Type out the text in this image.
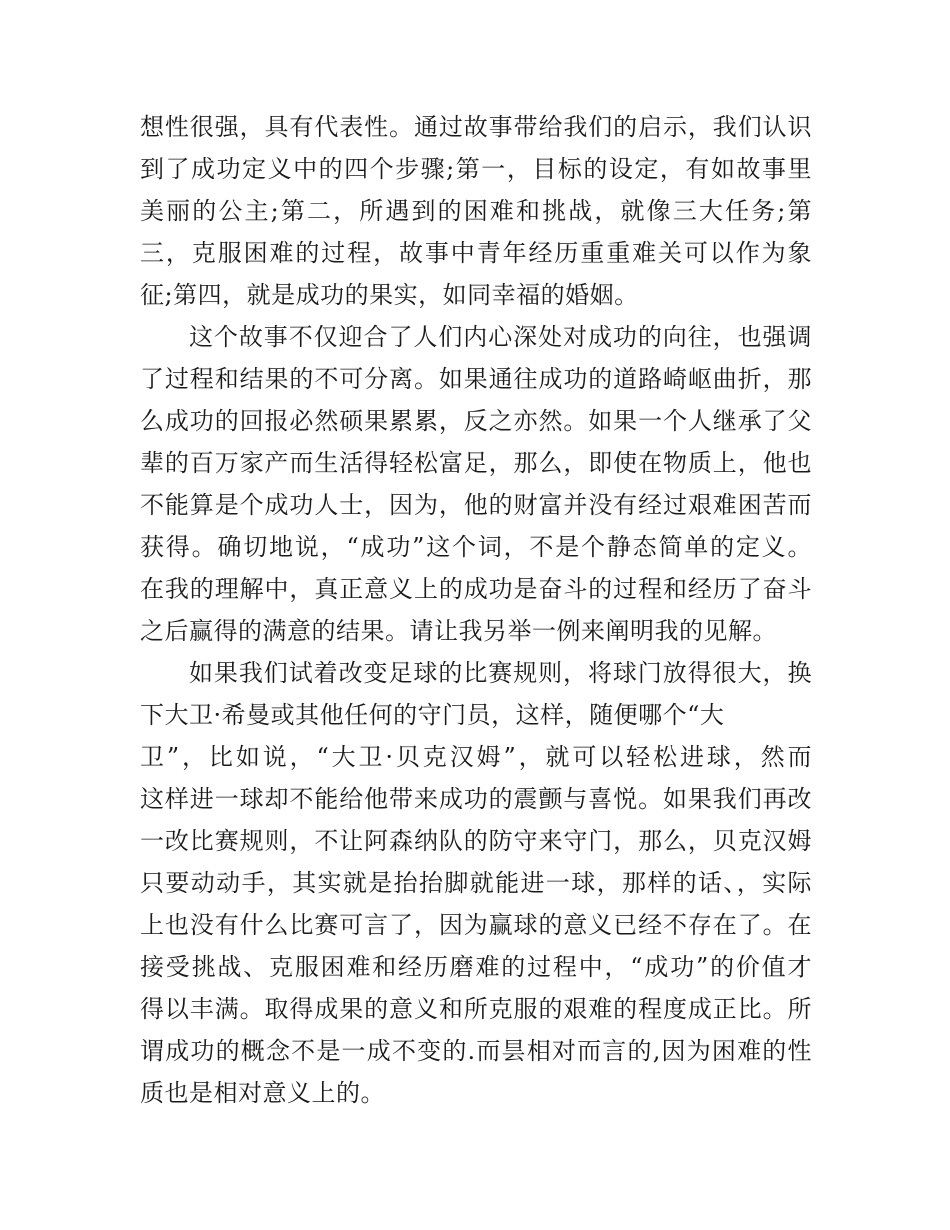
想性很强，具有代表性。通过故事带给我们的启示，我们认识
到了成功定义中的四个步骤;第一，目标的设定，有如故事里
美丽的公主;第二，所遇到的困难和挑战，就像三大任务;第
三，克服困难的过程，故事中青年经历重重难关可以作为象
征;第四，就是成功的果实，如同幸福的婚姻。
这个故事不仅迎合了人们内心深处对成功的向往，也强调
了过程和结果的不可分离。如果通往成功的道路崎岖曲折，那
么成功的回报必然硕果累累，反之亦然。如果一个人继承了父
辈的百万家产而生活得轻松富足，那么，即使在物质上，他也
不能算是个成功人士，因为，他的财富并没有经过艰难困苦而
获得。确切地说，“成功”这个词，不是个静态简单的定义。
在我的理解中，真正意义上的成功是奋斗的过程和经历了奋斗
之后赢得的满意的结果。请让我另举一例来阐明我的见解。
如果我们试着改变足球的比赛规则，将球门放得很大，换
下大卫·希曼或其他任何的守门员，这样，随便哪个“大
卫”，比如说，“大卫·贝克汉姆”，就可以轻松进球，然而
这样进一球却不能给他带来成功的震颤与喜悦。如果我们再改
一改比赛规则，不让阿森纳队的防守来守门，那么，贝克汉姆
只要动动手，其实就是抬抬脚就能进一球，那样的话、，实际
上也没有什么比赛可言了，因为赢球的意义已经不存在了。在
接受挑战、克服困难和经历磨难的过程中，“成功”的价值才
得以丰满。取得成果的意义和所克服的艰难的程度成正比。所
谓成功的概念不是一成不变的.而昙相对而言的,因为困难的性
质也是相对意义上的。
